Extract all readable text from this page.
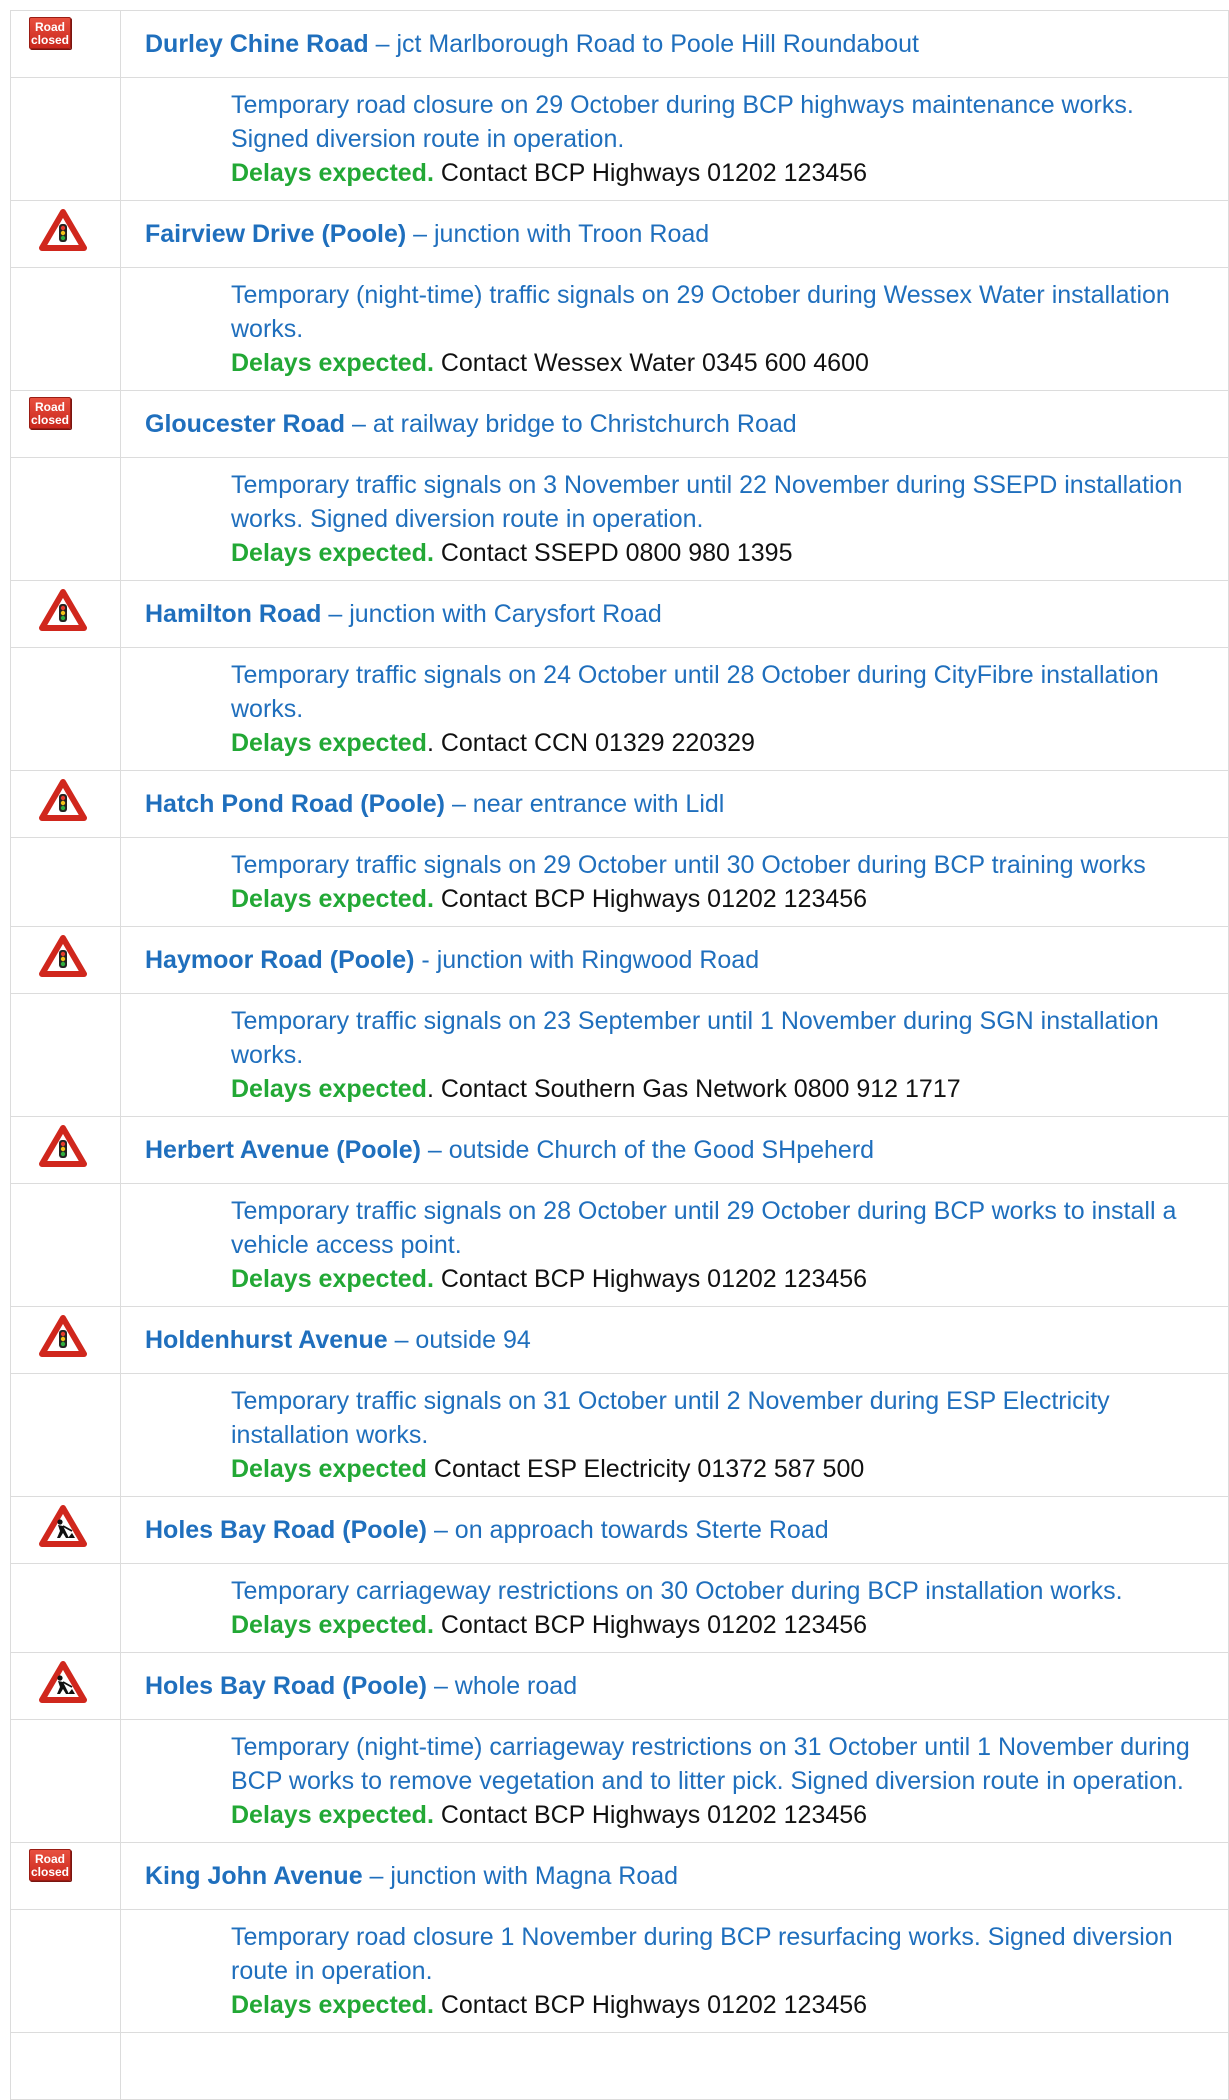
Road
closed	Durley Chine Road – jct Marlborough Road to Poole Hill Roundabout

	Temporary road closure on 29 October during BCP highways maintenance works. Signed diversion route in operation.
Delays expected. Contact BCP Highways 01202 123456

	Fairview Drive (Poole) – junction with Troon Road

	Temporary (night-time) traffic signals on 29 October during Wessex Water installation works.
Delays expected. Contact Wessex Water 0345 600 4600

Road
closed	Gloucester Road – at railway bridge to Christchurch Road

	Temporary traffic signals on 3 November until 22 November during SSEPD installation works. Signed diversion route in operation.
Delays expected. Contact SSEPD 0800 980 1395

	Hamilton Road – junction with Carysfort Road

	Temporary traffic signals on 24 October until 28 October during CityFibre installation works.
Delays expected. Contact CCN 01329 220329

	Hatch Pond Road (Poole) – near entrance with Lidl

	Temporary traffic signals on 29 October until 30 October during BCP training works
Delays expected. Contact BCP Highways 01202 123456

	Haymoor Road (Poole) - junction with Ringwood Road

	Temporary traffic signals on 23 September until 1 November during SGN installation works.
Delays expected. Contact Southern Gas Network 0800 912 1717

	Herbert Avenue (Poole) – outside Church of the Good SHpeherd

	Temporary traffic signals on 28 October until 29 October during BCP works to install a vehicle access point.
Delays expected. Contact BCP Highways 01202 123456

	Holdenhurst Avenue – outside 94

	Temporary traffic signals on 31 October until 2 November during ESP Electricity installation works.
Delays expected Contact ESP Electricity 01372 587 500

	Holes Bay Road (Poole) – on approach towards Sterte Road

	Temporary carriageway restrictions on 30 October during BCP installation works.
Delays expected. Contact BCP Highways 01202 123456

	Holes Bay Road (Poole) – whole road

	Temporary (night-time) carriageway restrictions on 31 October until 1 November during BCP works to remove vegetation and to litter pick. Signed diversion route in operation.
Delays expected. Contact BCP Highways 01202 123456

Road
closed	King John Avenue – junction with Magna Road

	Temporary road closure 1 November during BCP resurfacing works. Signed diversion route in operation.
Delays expected. Contact BCP Highways 01202 123456
